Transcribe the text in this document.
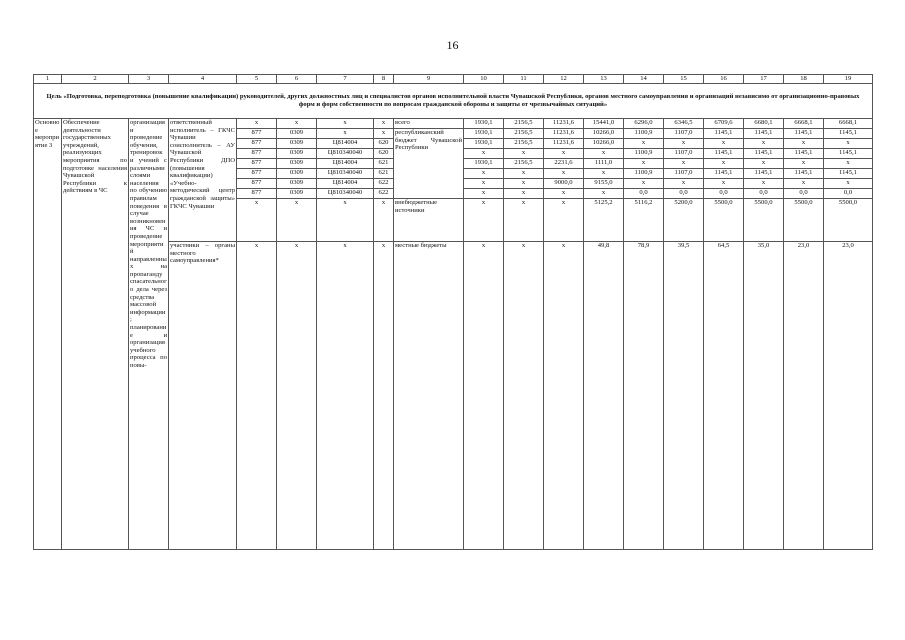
16
1	2	3	4	5	6	7	8	9	10	11	12	13	14	15	16	17	18	19
Цель «Подготовка, переподготовка (повышение квалификации) руководителей, других должностных лиц и специалистов органов исполнительной власти Чувашской Республики, органов местного самоуправления и организаций независимо от организационно-правовых форм и форм собственности по вопросам гражданской обороны и защиты от чрезвычайных ситуаций»																		
Основное мероприятие 3	Обеспечение деятельности государственных учреждений, реализующих мероприятия по подготовке населения Чувашской Республики к действиям в ЧС	организация и проведение обучения, тренировок и учений с различными слоями населения по обучению правилам поведения в случае возникновения ЧС и проведение мероприятий направленных на пропаганду спасательного дела через средства массовой информации; планирование и организация учебного процесса по повы-	ответственный исполнитель – ГКЧС Чувашии соисполнитель – АУ Чувашской Республики ДПО (повышения квалификации) «Учебно-методический центр гражданской защиты» ГКЧС Чувашии	x	x	x	x	всего	1930,1	2156,5	11231,6	15441,0	6296,0	6346,5	6709,6	6680,1	6668,1	6668,1
				877	0309	x	x	республиканский бюджет Чувашской Республики	1930,1	2156,5	11231,6	10266,0	1100,9	1107,0	1145,1	1145,1	1145,1	1145,1
				877	0309	Ц814004	620		1930,1	2156,5	11231,6	10266,0	x	x	x	x	x	x
				877	0309	Ц810340040	620		x	x	x	x	1100,9	1107,0	1145,1	1145,1	1145,1	1145,1
				877	0309	Ц814004	621		1930,1	2156,5	2231,6	1111,0	x	x	x	x	x	x
				877	0309	Ц810340040	621		x	x	x	x	1100,9	1107,0	1145,1	1145,1	1145,1	1145,1
				877	0309	Ц814004	622		x	x	9000,0	9155,0	x	x	x	x	x	x
				877	0309	Ц810340040	622		x	x	x	x	0,0	0,0	0,0	0,0	0,0	0,0
				x	x	x	x	внебюджетные источники	x	x	x	5125,2	5116,2	5200,0	5500,0	5500,0	5500,0	5500,0
			участники – органы местного самоуправления*	x	x	x	x	местные бюджеты	x	x	x	49,8	78,9	39,5	64,5	35,0	23,0	23,0
